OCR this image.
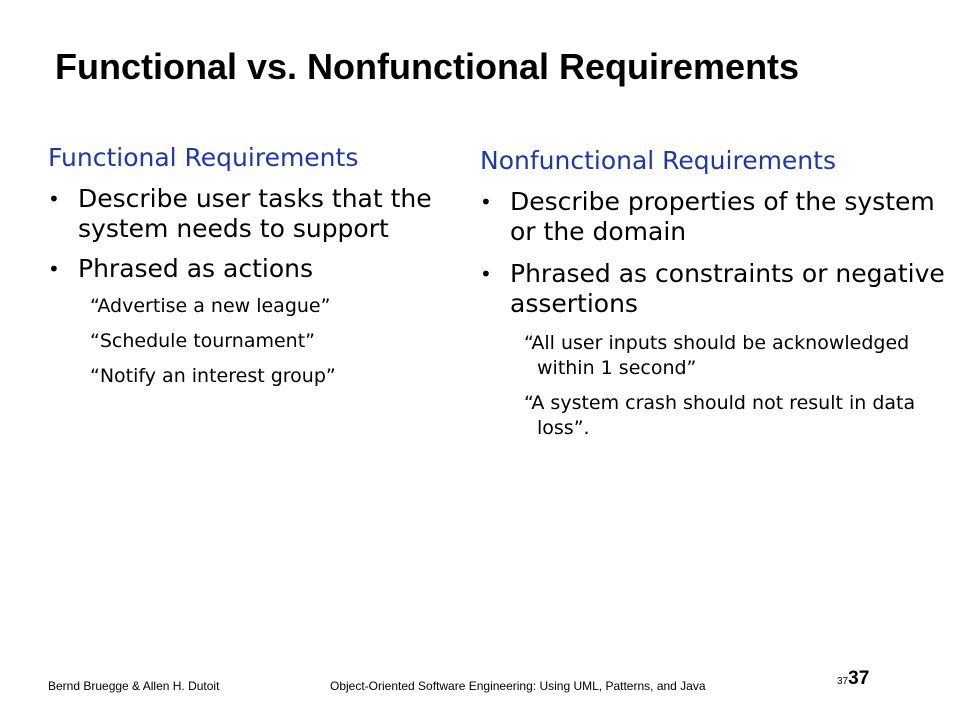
Functional vs. Nonfunctional Requirements
Functional Requirements
• Describe user tasks that the system needs to support
• Phrased as actions
“Advertise a new league”
“Schedule tournament”
“Notify an interest group”
Nonfunctional Requirements
• Describe properties of the system or the domain
• Phrased as constraints or negative assertions
“All user inputs should be acknowledged within 1 second”
“A system crash should not result in data loss”.
Bernd Bruegge & Allen H. Dutoit	Object-Oriented Software Engineering: Using UML, Patterns, and Java	3737
